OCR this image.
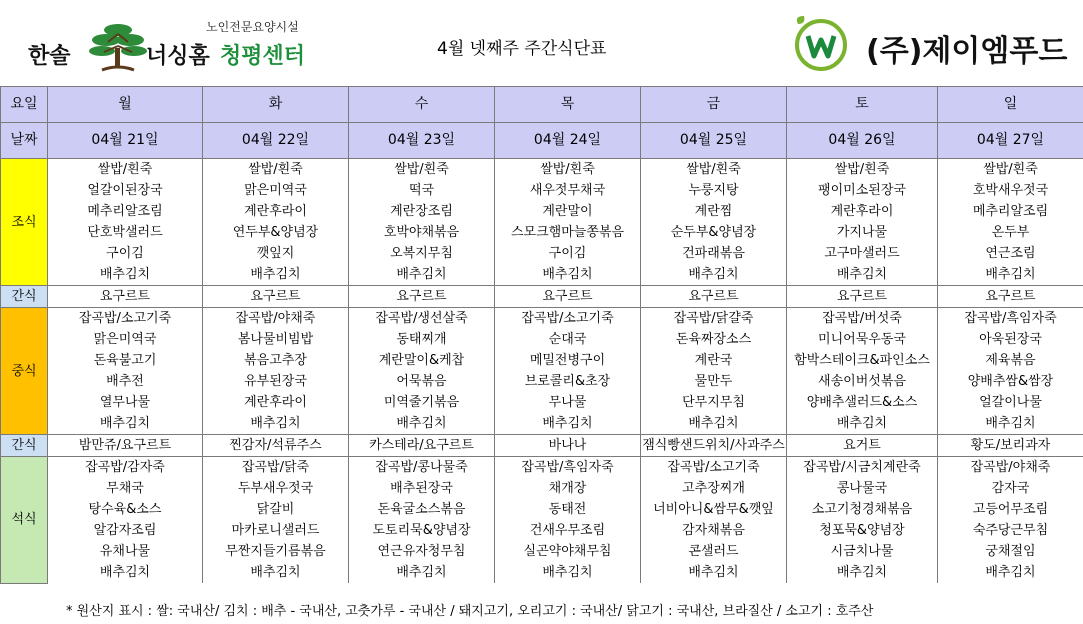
노인전문요양시설
한솔	너싱홈 청평센터	4월 넷째주 주간식단표	(주)제이엠푸드
요일	월	화	수	목	금	토	일
날짜	04월 21일	04월 22일	04월 23일	04월 24일	04월 25일	04월 26일	04월 27일
조식	쌀밥/흰죽	쌀밥/흰죽	쌀밥/흰죽	쌀밥/흰죽	쌀밥/흰죽	쌀밥/흰죽	쌀밥/흰죽
	얼갈이된장국	맑은미역국	떡국	새우젓무채국	누룽지탕	팽이미소된장국	호박새우젓국
	메추리알조림	계란후라이	계란장조림	계란말이	계란찜	계란후라이	메추리알조림
	단호박샐러드	연두부&양념장	호박야채볶음	스모크햄마늘쫑볶음	순두부&양념장	가지나물	온두부
	구이김	깻잎지	오복지무침	구이김	건파래볶음	고구마샐러드	연근조림
	배추김치	배추김치	배추김치	배추김치	배추김치	배추김치	배추김치
간식	요구르트	요구르트	요구르트	요구르트	요구르트	요구르트	요구르트
중식	잡곡밥/소고기죽	잡곡밥/야채죽	잡곡밥/생선살죽	잡곡밥/소고기죽	잡곡밥/닭걀죽	잡곡밥/버섯죽	잡곡밥/흑임자죽
	맑은미역국	봄나물비빔밥	동태찌개	순대국	돈육짜장소스	미니어묵우동국	아욱된장국
	돈육불고기	볶음고추장	계란말이&케찹	메밀전병구이	계란국	함박스테이크&파인소스	제육볶음
	배추전	유부된장국	어묵볶음	브로콜리&초장	물만두	새송이버섯볶음	양배추쌈&쌈장
	열무나물	계란후라이	미역줄기볶음	무나물	단무지무침	양배추샐러드&소스	얼갈이나물
	배추김치	배추김치	배추김치	배추김치	배추김치	배추김치	배추김치
간식	밤만쥬/요구르트	찐감자/석류주스	카스테라/요구르트	바나나	잼식빵샌드위치/사과주스	요거트	황도/보리과자
석식	잡곡밥/감자죽	잡곡밥/닭죽	잡곡밥/콩나물죽	잡곡밥/흑임자죽	잡곡밥/소고기죽	잡곡밥/시금치계란죽	잡곡밥/야채죽
	무채국	두부새우젓국	배추된장국	채개장	고추장찌개	콩나물국	감자국
	탕수육&소스	닭갈비	돈육굴소스볶음	동태전	너비아니&쌈무&깻잎	소고기청경채볶음	고등어무조림
	알감자조림	마카로니샐러드	도토리묵&양념장	건새우무조림	감자채볶음	청포묵&양념장	숙주당근무침
	유채나물	무짠지들기름볶음	연근유자청무침	실곤약야채무침	콘샐러드	시금치나물	궁채절임
	배추김치	배추김치	배추김치	배추김치	배추김치	배추김치	배추김치
* 원산지 표시 : 쌀: 국내산/ 김치 : 배추 - 국내산, 고춧가루 - 국내산 / 돼지고기, 오리고기 : 국내산/ 닭고기 : 국내산, 브라질산 / 소고기 : 호주산
